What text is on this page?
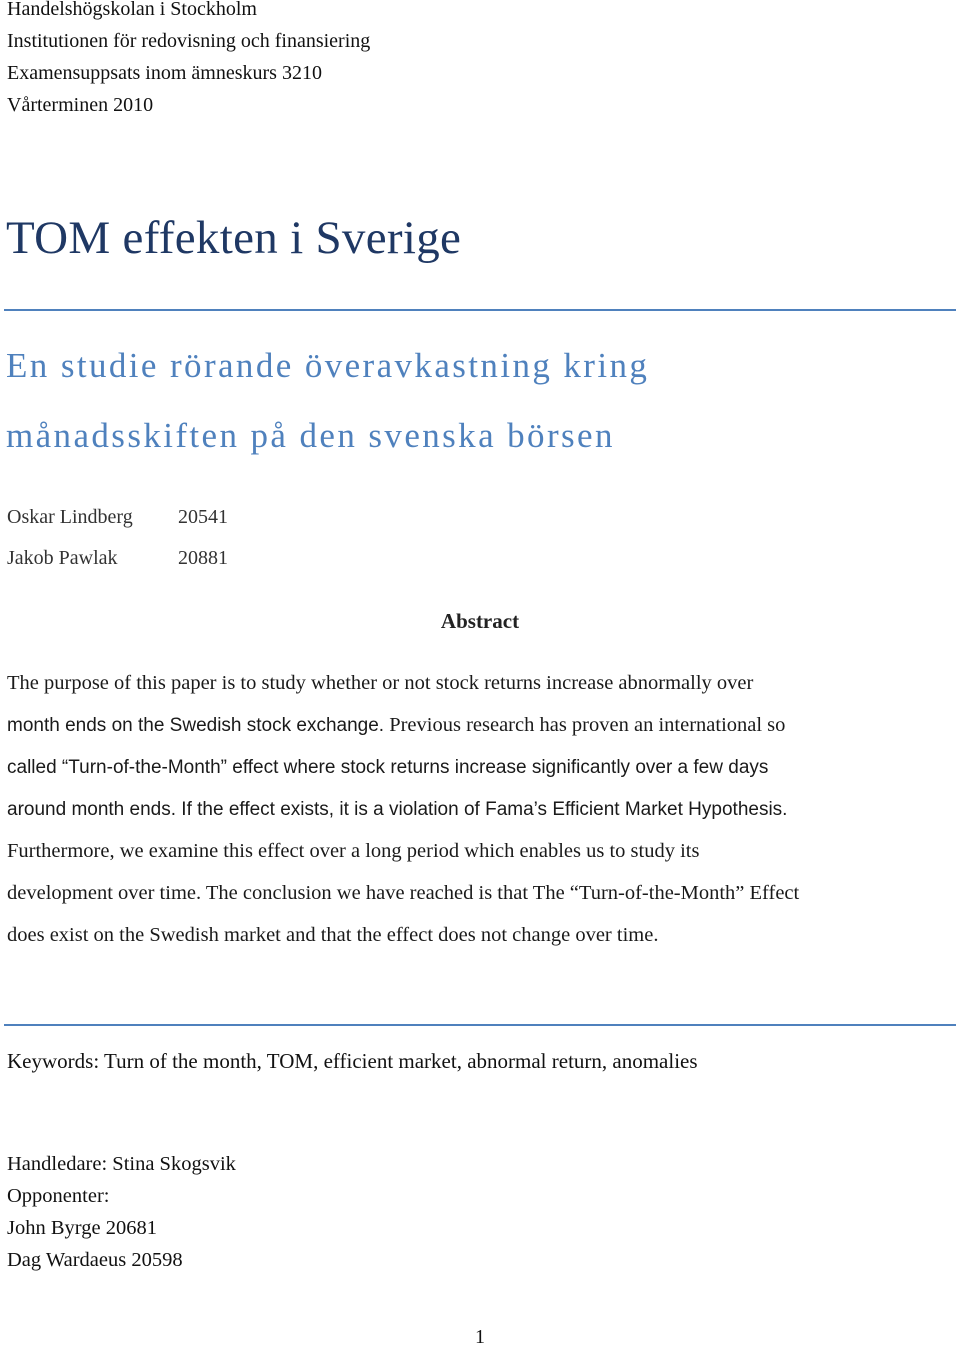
Handelshögskolan i Stockholm
Institutionen för redovisning och finansiering
Examensuppsats inom ämneskurs 3210
Vårterminen 2010
TOM effekten i Sverige
En studie rörande överavkastning kring
månadsskiften på den svenska börsen
Oskar Lindberg 20541
Jakob Pawlak	20881
Abstract
The purpose of this paper is to study whether or not stock returns increase abnormally over
month ends on the Swedish stock exchange. Previous research has proven an international so
called “Turn-of-the-Month” effect where stock returns increase significantly over a few days
around month ends. If the effect exists, it is a violation of Fama’s Efficient Market Hypothesis.
Furthermore, we examine this effect over a long period which enables us to study its
development over time. The conclusion we have reached is that The “Turn-of-the-Month” Effect
does exist on the Swedish market and that the effect does not change over time.
Keywords: Turn of the month, TOM, efficient market, abnormal return, anomalies
Handledare: Stina Skogsvik
Opponenter:
John Byrge 20681
Dag Wardaeus 20598
1
